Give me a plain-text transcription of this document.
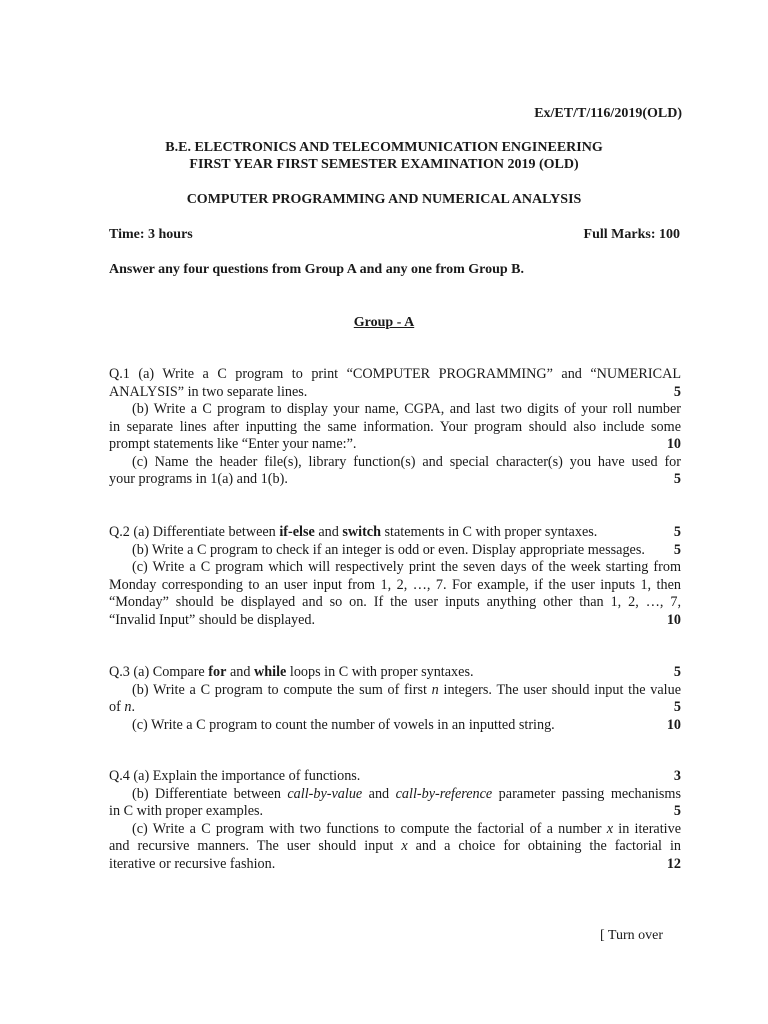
Ex/ET/T/116/2019(OLD)
B.E. ELECTRONICS AND TELECOMMUNICATION ENGINEERING
FIRST YEAR FIRST SEMESTER EXAMINATION 2019 (OLD)
COMPUTER PROGRAMMING AND NUMERICAL ANALYSIS
Time: 3 hours	Full Marks: 100
Answer any four questions from Group A and any one from Group B.
Group - A
Q.1 (a) Write a C program to print “COMPUTER PROGRAMMING” and “NUMERICAL
ANALYSIS” in two separate lines.	5
(b) Write a C program to display your name, CGPA, and last two digits of your roll number
in separate lines after inputting the same information. Your program should also include some
prompt statements like “Enter your name:”.	10
(c) Name the header file(s), library function(s) and special character(s) you have used for
your programs in 1(a) and 1(b).	5
Q.2 (a) Differentiate between if-else and switch statements in C with proper syntaxes.	5
(b) Write a C program to check if an integer is odd or even. Display appropriate messages. 5
(c) Write a C program which will respectively print the seven days of the week starting from
Monday corresponding to an user input from 1, 2, …, 7. For example, if the user inputs 1, then
“Monday” should be displayed and so on. If the user inputs anything other than 1, 2, …, 7,
“Invalid Input” should be displayed.	10
Q.3 (a) Compare for and while loops in C with proper syntaxes.	5
(b) Write a C program to compute the sum of first n integers. The user should input the value
of n.	5
(c) Write a C program to count the number of vowels in an inputted string.	10
Q.4 (a) Explain the importance of functions.	3
(b) Differentiate between call-by-value and call-by-reference parameter passing mechanisms
in C with proper examples.	5
(c) Write a C program with two functions to compute the factorial of a number x in iterative
and recursive manners. The user should input x and a choice for obtaining the factorial in
iterative or recursive fashion.	12
[ Turn over
